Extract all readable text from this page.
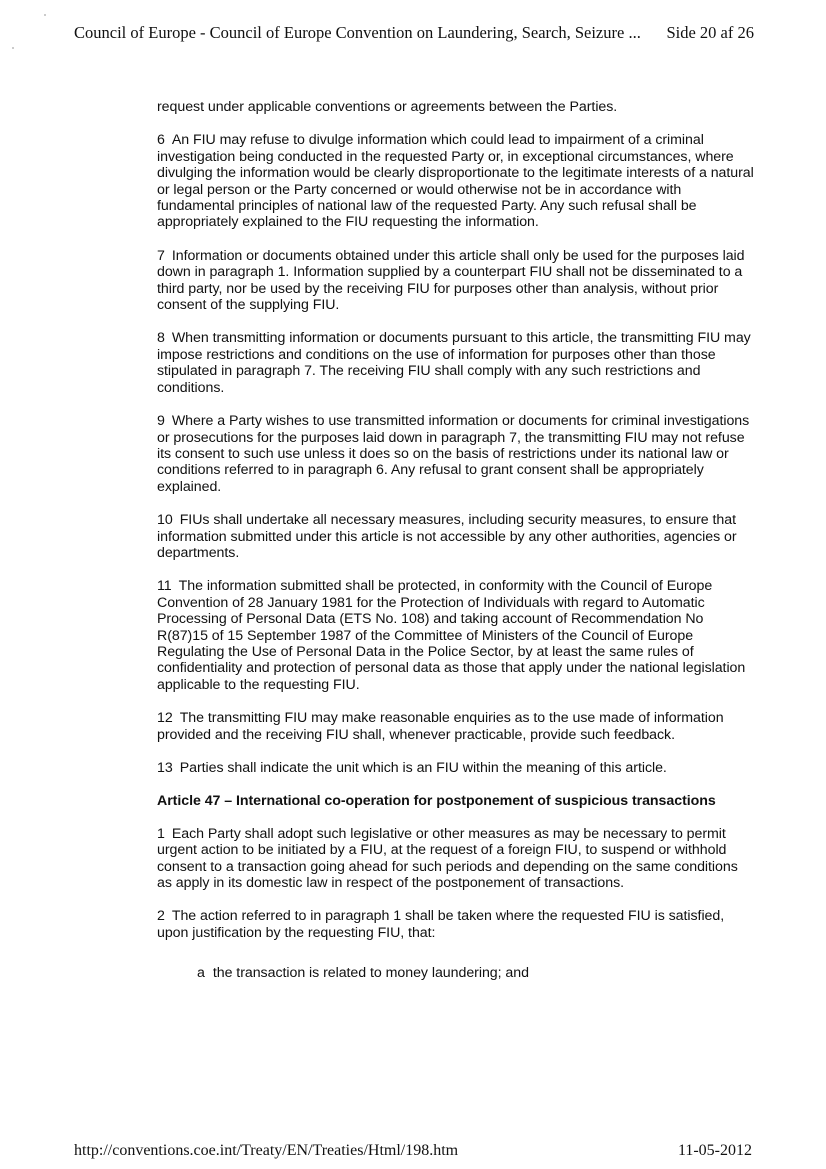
Council of Europe - Council of Europe Convention on Laundering, Search, Seizure ... Side 20 af 26

request under applicable conventions or agreements between the Parties.

6 An FIU may refuse to divulge information which could lead to impairment of a criminal investigation being conducted in the requested Party or, in exceptional circumstances, where divulging the information would be clearly disproportionate to the legitimate interests of a natural or legal person or the Party concerned or would otherwise not be in accordance with fundamental principles of national law of the requested Party. Any such refusal shall be appropriately explained to the FIU requesting the information.

7 Information or documents obtained under this article shall only be used for the purposes laid down in paragraph 1. Information supplied by a counterpart FIU shall not be disseminated to a third party, nor be used by the receiving FIU for purposes other than analysis, without prior consent of the supplying FIU.

8 When transmitting information or documents pursuant to this article, the transmitting FIU may impose restrictions and conditions on the use of information for purposes other than those stipulated in paragraph 7. The receiving FIU shall comply with any such restrictions and conditions.

9 Where a Party wishes to use transmitted information or documents for criminal investigations or prosecutions for the purposes laid down in paragraph 7, the transmitting FIU may not refuse its consent to such use unless it does so on the basis of restrictions under its national law or conditions referred to in paragraph 6. Any refusal to grant consent shall be appropriately explained.

10 FIUs shall undertake all necessary measures, including security measures, to ensure that information submitted under this article is not accessible by any other authorities, agencies or departments.

11 The information submitted shall be protected, in conformity with the Council of Europe Convention of 28 January 1981 for the Protection of Individuals with regard to Automatic Processing of Personal Data (ETS No. 108) and taking account of Recommendation No R(87)15 of 15 September 1987 of the Committee of Ministers of the Council of Europe Regulating the Use of Personal Data in the Police Sector, by at least the same rules of confidentiality and protection of personal data as those that apply under the national legislation applicable to the requesting FIU.

12 The transmitting FIU may make reasonable enquiries as to the use made of information provided and the receiving FIU shall, whenever practicable, provide such feedback.

13 Parties shall indicate the unit which is an FIU within the meaning of this article.

Article 47 – International co-operation for postponement of suspicious transactions

1 Each Party shall adopt such legislative or other measures as may be necessary to permit urgent action to be initiated by a FIU, at the request of a foreign FIU, to suspend or withhold consent to a transaction going ahead for such periods and depending on the same conditions as apply in its domestic law in respect of the postponement of transactions.

2 The action referred to in paragraph 1 shall be taken where the requested FIU is satisfied, upon justification by the requesting FIU, that:

a the transaction is related to money laundering; and

http://conventions.coe.int/Treaty/EN/Treaties/Html/198.htm	11-05-2012
